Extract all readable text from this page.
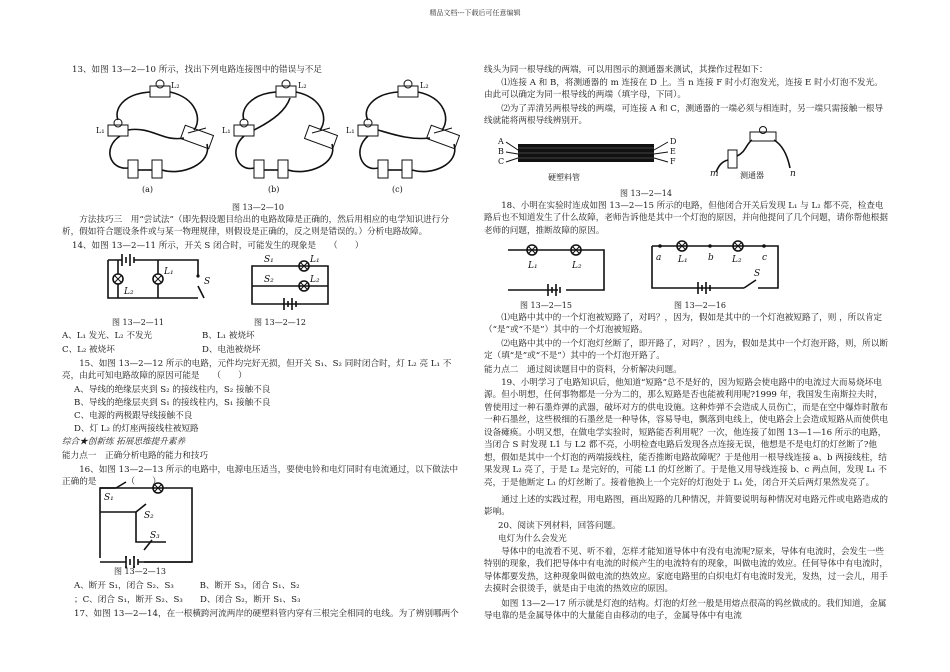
精品文档---下载后可任意编辑
13、如图 13—2—10 所示，找出下列电路连接图中的错误与不足
L₂
L₁
(a)
L₂
L₁
(b)
L₂
L₁
(c)
图 13—2—10
方法技巧三　用“尝试法”（即先假设题目给出的电路故障是正确的，然后用相应的电学知识进行分析，假如符合题设条件或与某一物理规律，则假设是正确的，反之则是错误的。）分析电路故障。
14、如图 13—2—11 所示，开关 S 闭合时，可能发生的现象是　　（　　）
L₂
L₁
S
图 13—2—11
S₁	L₁
S₂	L₂
图 13—2—12
A、L₁ 发光、L₂ 不发光	B、L₁ 被烧坏
C、L₂ 被烧坏	D、电池被烧坏
15、如图 13—2—12 所示的电路，元件均完好无损，但开关 S₁、S₂ 同时闭合时，灯 L₂ 亮 L₁ 不亮，由此可知电路故障的原因可能是　　（　　）
A、导线的绝缘层夹到 S₂ 的接线柱内，S₂ 接触不良
B、导线的绝缘层夹到 S₁ 的接线柱内，S₁ 接触不良
C、电源的两极跟导线接触不良
D、灯 L₂ 的灯座两接线柱被短路
综合★创新练 拓展思维提升素养
能力点一　正确分析电路的能力和技巧
16、如图 13—2—13 所示的电路中，电源电压适当，要使电铃和电灯同时有电流通过，以下做法中正确的是　　　　（　　）
S₁
S₂
S₃
图 13—2—13
A、断开 S₁，闭合 S₂、S₃　　　B、断开 S₃，闭合 S₁、S₂
；C、闭合 S₁，断开 S₂、S₃　　D、闭合 S₂，断开 S₁、S₃
17、如图 13—2—14，在一根横跨河流两岸的硬塑料管内穿有三根完全相同的电线。为了辨别哪两个
线头为同一根导线的两端，可以用图示的测通器来测试，其操作过程如下：
⑴连接 A 和 B，将测通器的 m 连接在 D 上。当 n 连接 F 时小灯泡发光，连接 E 时小灯泡不发光。由此可以确定为同一根导线的两端（填字母，下同）。
⑵为了弄清另两根导线的两端，可连接 A 和 C，测通器的一端必须与相连时，另一端只需接触一根导线就能将两根导线辨别开。
A
B
C
D
E
F
硬塑料管	m	n
测通器
图 13—2—14
18、小明在实验时连成如图 13—2—15 所示的电路，但他闭合开关后发现 L₁ 与 L₂ 都不亮，检查电路后也不知道发生了什么故障，老师告诉他是其中一个灯泡的原因，并向他提问了几个问题，请你帮他根据老师的问题，推断故障的原因。
L₁	L₂
图 13—2—15
a L₁ b L₂ c
S
图 13—2—16
⑴电路中其中的一个灯泡被短路了，对吗？，因为，假如是其中的一个灯泡被短路了，则 ，所以肯定（“是”或“不是”）其中的一个灯泡被短路。
⑵电路中其中的一个灯泡灯丝断了，即开路了，对吗？，因为，假如是其中一个灯泡开路，则，所以断定（填“是”或“不是”）其中的一个灯泡开路了。
能力点二　通过阅读题目中的资料，分析解决问题。
19、小明学习了电路知识后，他知道“短路”总不是好的，因为短路会使电路中的电流过大而易烧坏电源。但小明想，任何事物都是一分为二的，那么短路是否也能被利用呢?1999 年，我国发生南斯拉夫时，曾使用过一种石墨炸弹的武器，破坏对方的供电设施。这种炸弹不会造成人员伤亡，而是在空中爆炸时散布一种石墨丝，这些极细的石墨丝是一种导体，容易导电，飘落到电线上，使电路会上会造成短路从而使供电设备瘫痪。小明又想，在做电学实验时，短路能否利用呢？一次，他连接了如图 13—1—16 所示的电路，当闭合 S 时发现 L1 与 L2 都不亮，小明检查电路后发现各点连接无误，他想是不是电灯的灯丝断了?他想，假如是其中一个灯泡的两端接线柱，能否推断电路故障呢？于是他用一根导线连接 a、b 两接线柱，结果发现 L₂ 亮了，于是 L₂ 是完好的，可能 L1 的灯丝断了。于是他又用导线连接 b、c 两点间，发现 L₁ 不亮，于是他断定 L₁ 的灯丝断了。接着他换上一个完好的灯泡处于 L₁ 处，闭合开关后两灯果然发亮了。
通过上述的实践过程，用电路图，画出短路的几种情况，并简要说明每种情况对电路元件或电路造成的影响。
20、阅读下列材料，回答问题。
电灯为什么会发光
导体中的电流看不见、听不着，怎样才能知道导体中有没有电流呢?原来，导体有电流时，会发生一些特别的现象，我们把导体中有电流的时候产生的电流特有的现象，叫做电流的效应。任何导体中有电流时，导体都要发热，这种现象叫做电流的热效应。家庭电路里的白炽电灯有电流时发光，发热，过一会儿，用手去摸时会很烫手，就是由于电流的热效应的原因。
如图 13—2—17 所示就是灯泡的结构。灯泡的灯丝一般是用熔点很高的钨丝做成的。我们知道，金属导电靠的是金属导体中的大量能自由移动的电子，金属导体中有电流
